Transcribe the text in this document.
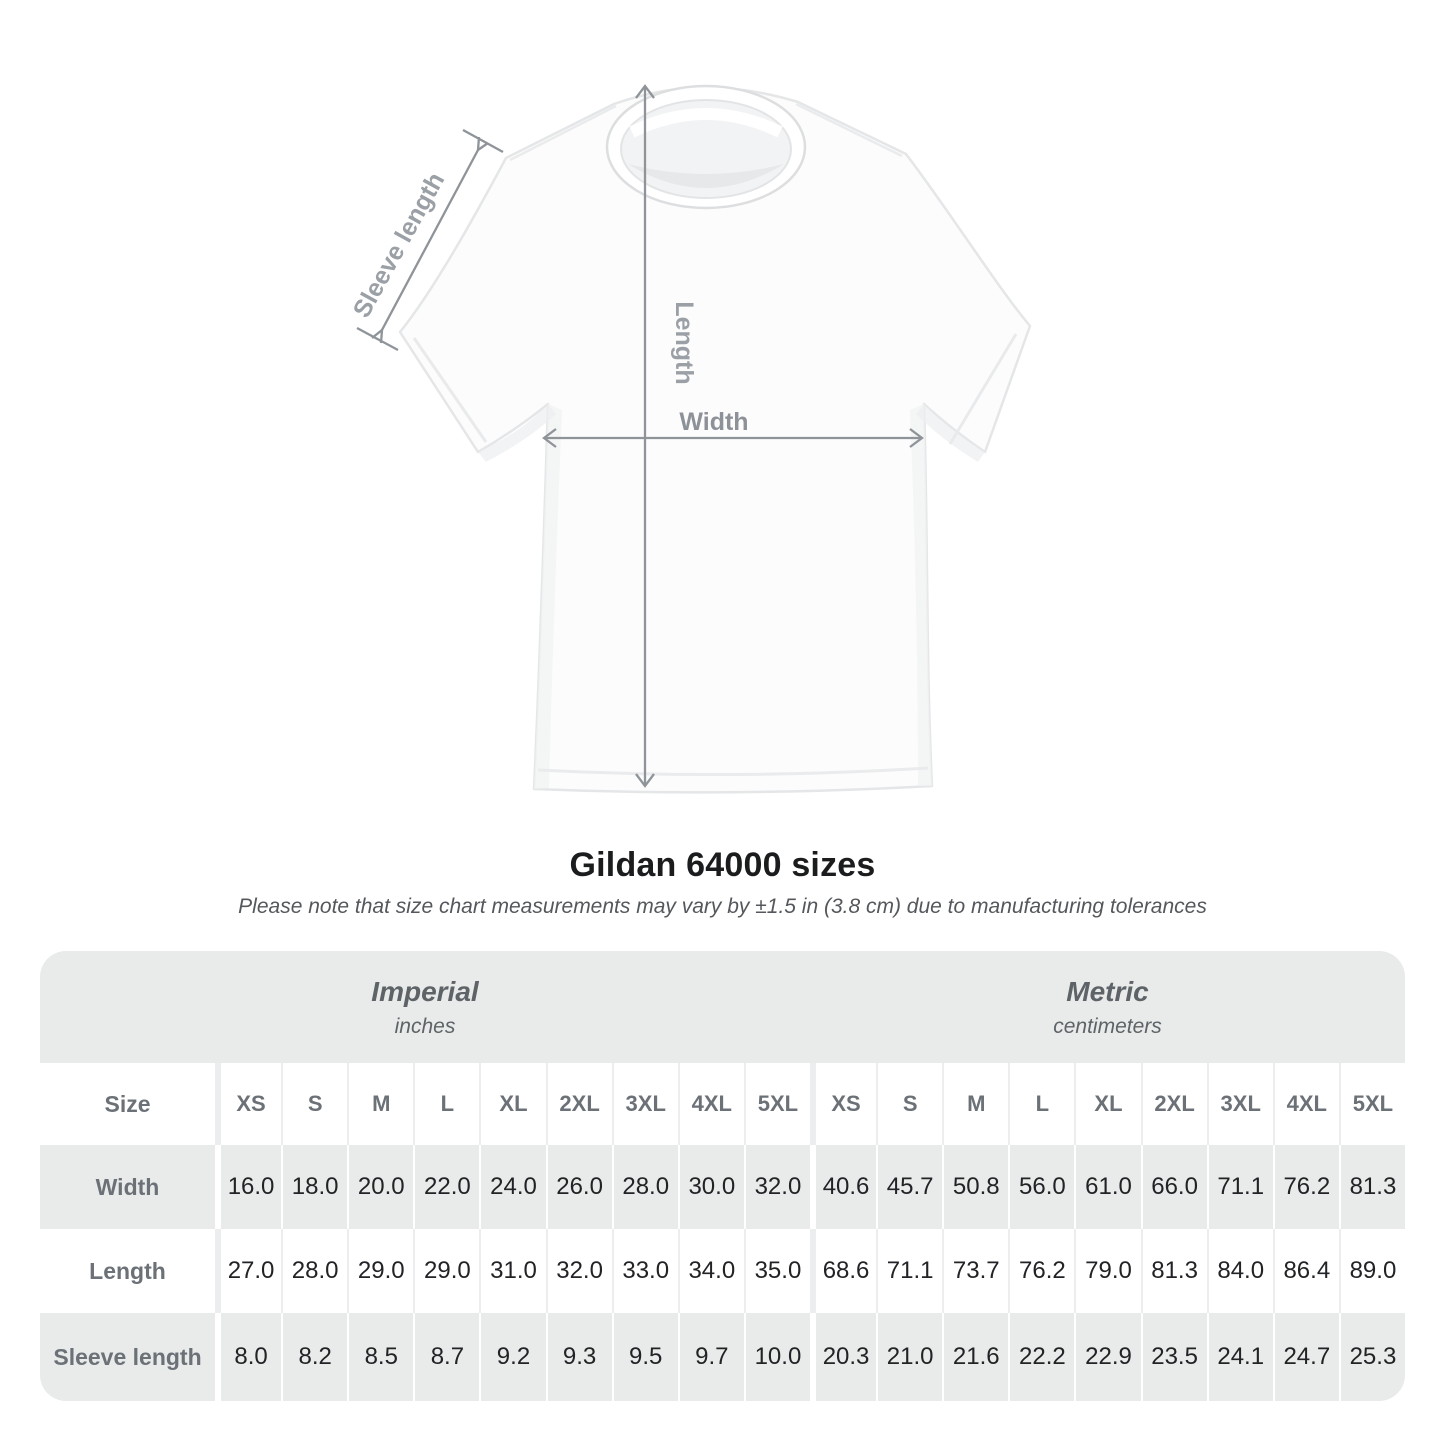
Sleeve length
Length
Width
Gildan 64000 sizes

Please note that size chart measurements may vary by ±1.5 in (3.8 cm) due to manufacturing tolerances

Imperial
inches
Metric
centimeters
Size	XS	S	M	L	XL	2XL	3XL	4XL	5XL	XS	S	M	L	XL	2XL	3XL	4XL	5XL
Width	16.0 18.0 20.0 22.0 24.0 26.0 28.0 30.0 32.0 40.6 45.7 50.8 56.0 61.0 66.0 71.1 76.2 81.3
Length	27.0 28.0 29.0 29.0 31.0 32.0 33.0 34.0 35.0 68.6 71.1 73.7 76.2 79.0 81.3 84.0 86.4 89.0
Sleeve length	8.0	8.2	8.5	8.7	9.2	9.3	9.5	9.7	10.0 20.3 21.0 21.6 22.2 22.9 23.5 24.1 24.7 25.3
